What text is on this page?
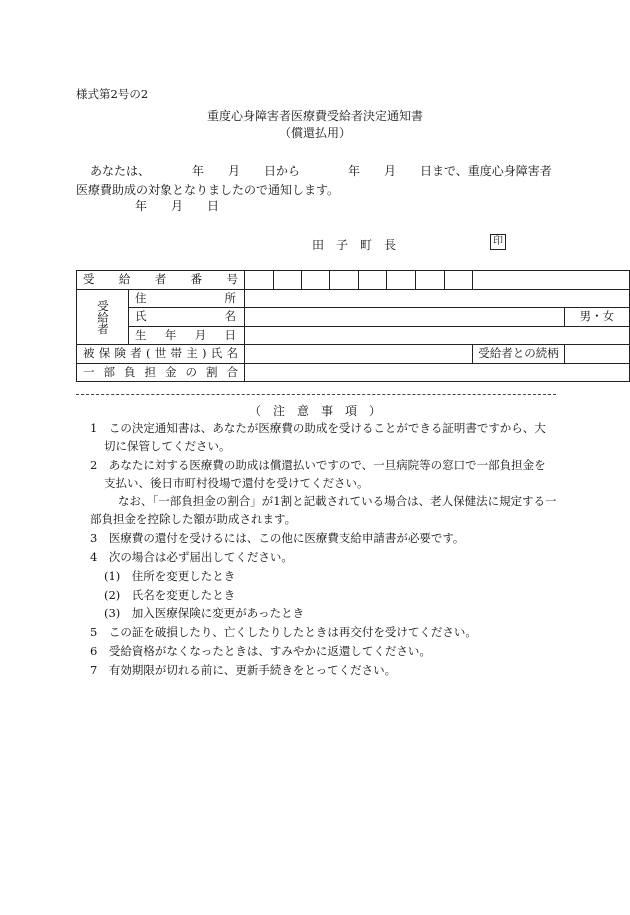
様式第2号の2
重度心身障害者医療費受給者決定通知書
（償還払用）
あなたは、　　　　年　　月　　日から　　　　年　　月　　日まで、重度心身障害者
医療費助成の対象となりましたので通知します。
年　　月　　日
田　子　町　長	印
受　給　者　番　号											
受給者	住　　　　所										
	氏　　　　名										男・女
	生　年　月　日										
被保険者(世帯主)氏名										受給者との続柄	
一部負担金の割合											
（　注　意　事　項　）
1　この決定通知書は、あなたが医療費の助成を受けることができる証明書ですから、大
切に保管してください。
2　あなたに対する医療費の助成は償還払いですので、一旦病院等の窓口で一部負担金を
支払い、後日市町村役場で還付を受けてください。
なお、「一部負担金の割合」が1割と記載されている場合は、老人保健法に規定する一
部負担金を控除した額が助成されます。
3　医療費の還付を受けるには、この他に医療費支給申請書が必要です。
4　次の場合は必ず届出してください。
(1)　住所を変更したとき
(2)　氏名を変更したとき
(3)　加入医療保険に変更があったとき
5　この証を破損したり、亡くしたりしたときは再交付を受けてください。
6　受給資格がなくなったときは、すみやかに返還してください。
7　有効期限が切れる前に、更新手続きをとってください。
